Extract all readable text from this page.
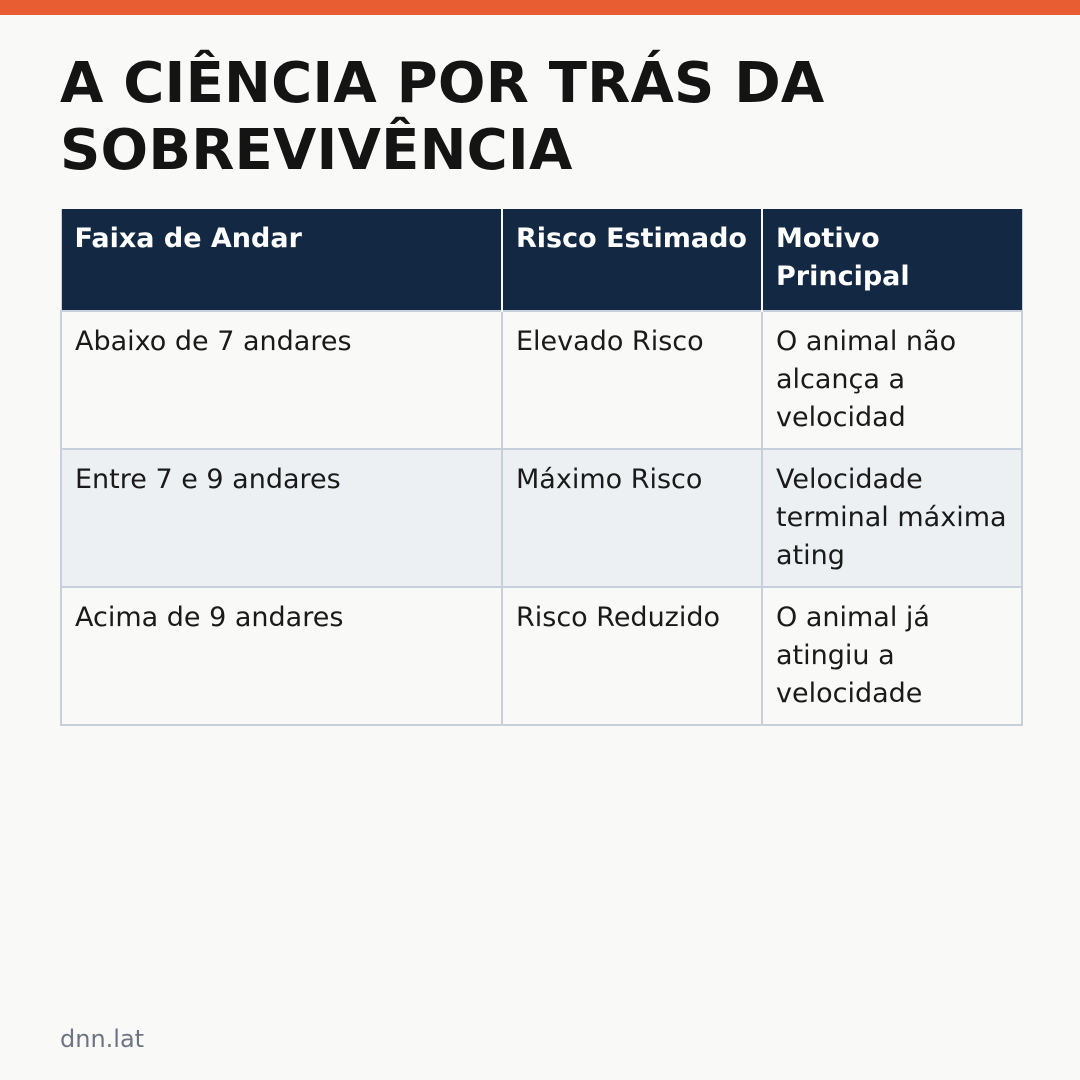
A CIÊNCIA POR TRÁS DA SOBREVIVÊNCIA
Faixa de Andar	Risco Estimado	Motivo Principal
Abaixo de 7 andares	Elevado Risco	O animal não alcança a velocidad
Entre 7 e 9 andares	Máximo Risco	Velocidade terminal máxima ating
Acima de 9 andares	Risco Reduzido	O animal já atingiu a velocidade
dnn.lat
